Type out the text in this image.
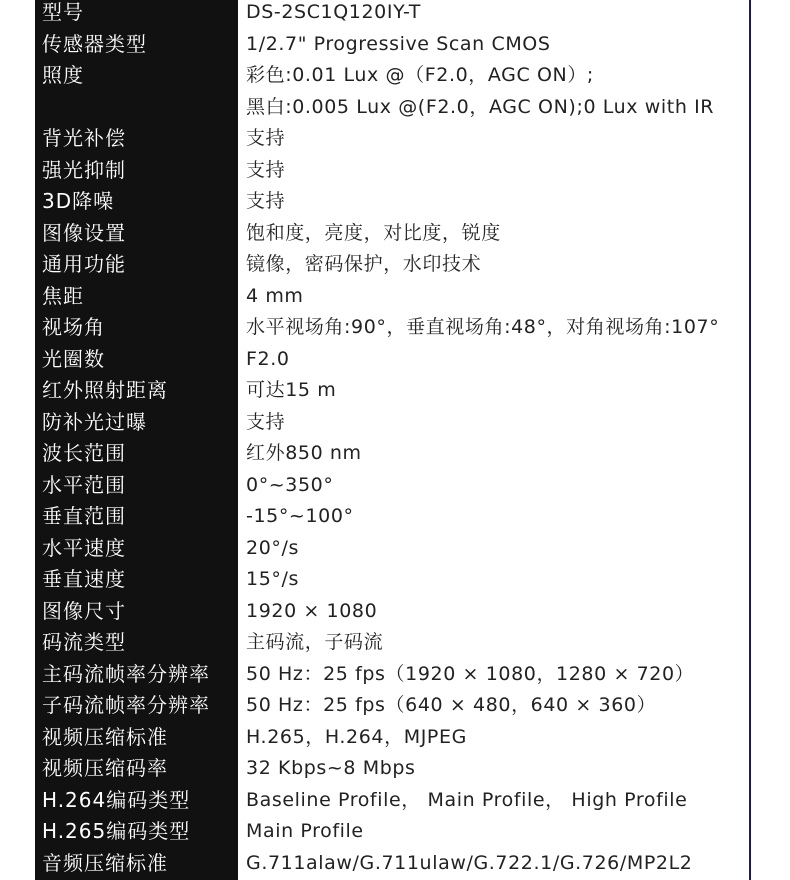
型号	DS-2SC1Q120IY-T
传感器类型	1/2.7" Progressive Scan CMOS
照度	彩色:0.01 Lux @（F2.0，AGC ON）;
黑白:0.005 Lux @(F2.0，AGC ON);0 Lux with IR
背光补偿	支持
强光抑制	支持
3D降噪	支持
图像设置	饱和度，亮度，对比度，锐度
通用功能	镜像，密码保护，水印技术
焦距	4 mm
视场角	水平视场角:90°，垂直视场角:48°，对角视场角:107°
光圈数	F2.0
红外照射距离	可达15 m
防补光过曝	支持
波长范围	红外850 nm
水平范围	0°~350°
垂直范围	-15°~100°
水平速度	20°/s
垂直速度	15°/s
图像尺寸	1920 × 1080
码流类型	主码流，子码流
主码流帧率分辨率	50 Hz：25 fps（1920 × 1080，1280 × 720）
子码流帧率分辨率	50 Hz：25 fps（640 × 480，640 × 360）
视频压缩标准	H.265，H.264，MJPEG
视频压缩码率	32 Kbps~8 Mbps
H.264编码类型	Baseline Profile， Main Profile， High Profile
H.265编码类型	Main Profile
音频压缩标准	G.711alaw/G.711ulaw/G.722.1/G.726/MP2L2
